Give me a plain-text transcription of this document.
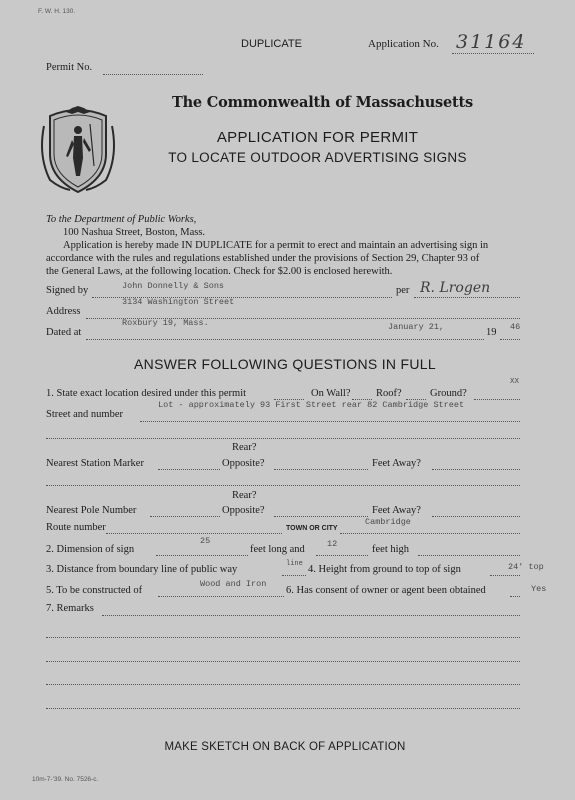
F. W. H. 130.
DUPLICATE	Application No. 31164
Permit No.
The Commonwealth of Massachusetts
APPLICATION FOR PERMIT
TO LOCATE OUTDOOR ADVERTISING SIGNS
To the Department of Public Works,
100 Nashua Street, Boston, Mass.
Application is hereby made IN DUPLICATE for a permit to erect and maintain an advertising sign in
accordance with the rules and regulations established under the provisions of Section 29, Chapter 93 of
the General Laws, at the following location. Check for $2.00 is enclosed herewith.
Signed by	John Donnelly & Sons	per R. Lrogen
Address
3134 Washington Street
Dated at
Roxbury 19, Mass.	January 21,	19 46
ANSWER FOLLOWING QUESTIONS IN FULL
1. State exact location desired under this permit	On Wall? Roof?	Ground?
XX
Street and number
Lot - approximately 93 First Street rear 82 Cambridge Street
Rear?
Nearest Station Marker	Opposite?	Feet Away?
Rear?
Nearest Pole Number	Opposite?	Feet Away?
Route number	TOWN OR CITY
Cambridge
2. Dimension of sign
25
feet long and	12	feet high
3. Distance from boundary line of public way	line 4. Height from ground to top of sign	24' top
5. To be constructed of
Wood and Iron
6. Has consent of owner or agent been obtained	Yes
7. Remarks
MAKE SKETCH ON BACK OF APPLICATION
10m-7-'39. No. 7526-c.
